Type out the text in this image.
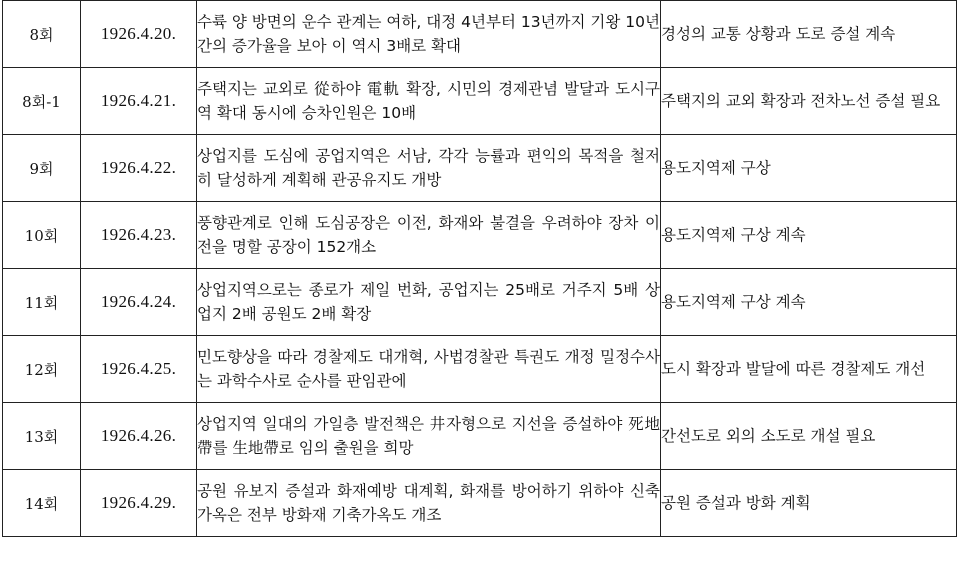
8회	1926.4.20.	수륙 양 방면의 운수 관계는 여하, 대정 4년부터 13년까지 기왕 10년간의 증가율을 보아 이 역시 3배로 확대	경성의 교통 상황과 도로 증설 계속

8회-1	1926.4.21.	주택지는 교외로 從하야 電軌 확장, 시민의 경제관념 발달과 도시구역 확대 동시에 승차인원은 10배	주택지의 교외 확장과 전차노선 증설 필요

9회	1926.4.22.	상업지를 도심에 공업지역은 서남, 각각 능률과 편익의 목적을 철저히 달성하게 계획해 관공유지도 개방	용도지역제 구상

10회	1926.4.23.	풍향관계로 인해 도심공장은 이전, 화재와 불결을 우려하야 장차 이전을 명할 공장이 152개소	용도지역제 구상 계속

11회	1926.4.24.	상업지역으로는 종로가 제일 번화, 공업지는 25배로 거주지 5배 상업지 2배 공원도 2배 확장	용도지역제 구상 계속

12회	1926.4.25.	민도향상을 따라 경찰제도 대개혁, 사법경찰관 특권도 개정 밀정수사는 과학수사로 순사를 판임관에	도시 확장과 발달에 따른 경찰제도 개선

13회	1926.4.26.	상업지역 일대의 가일층 발전책은 井자형으로 지선을 증설하야 死地帶를 生地帶로 임의 출원을 희망	간선도로 외의 소도로 개설 필요

14회	1926.4.29.	공원 유보지 증설과 화재예방 대계획, 화재를 방어하기 위하야 신축가옥은 전부 방화재 기축가옥도 개조	공원 증설과 방화 계획
